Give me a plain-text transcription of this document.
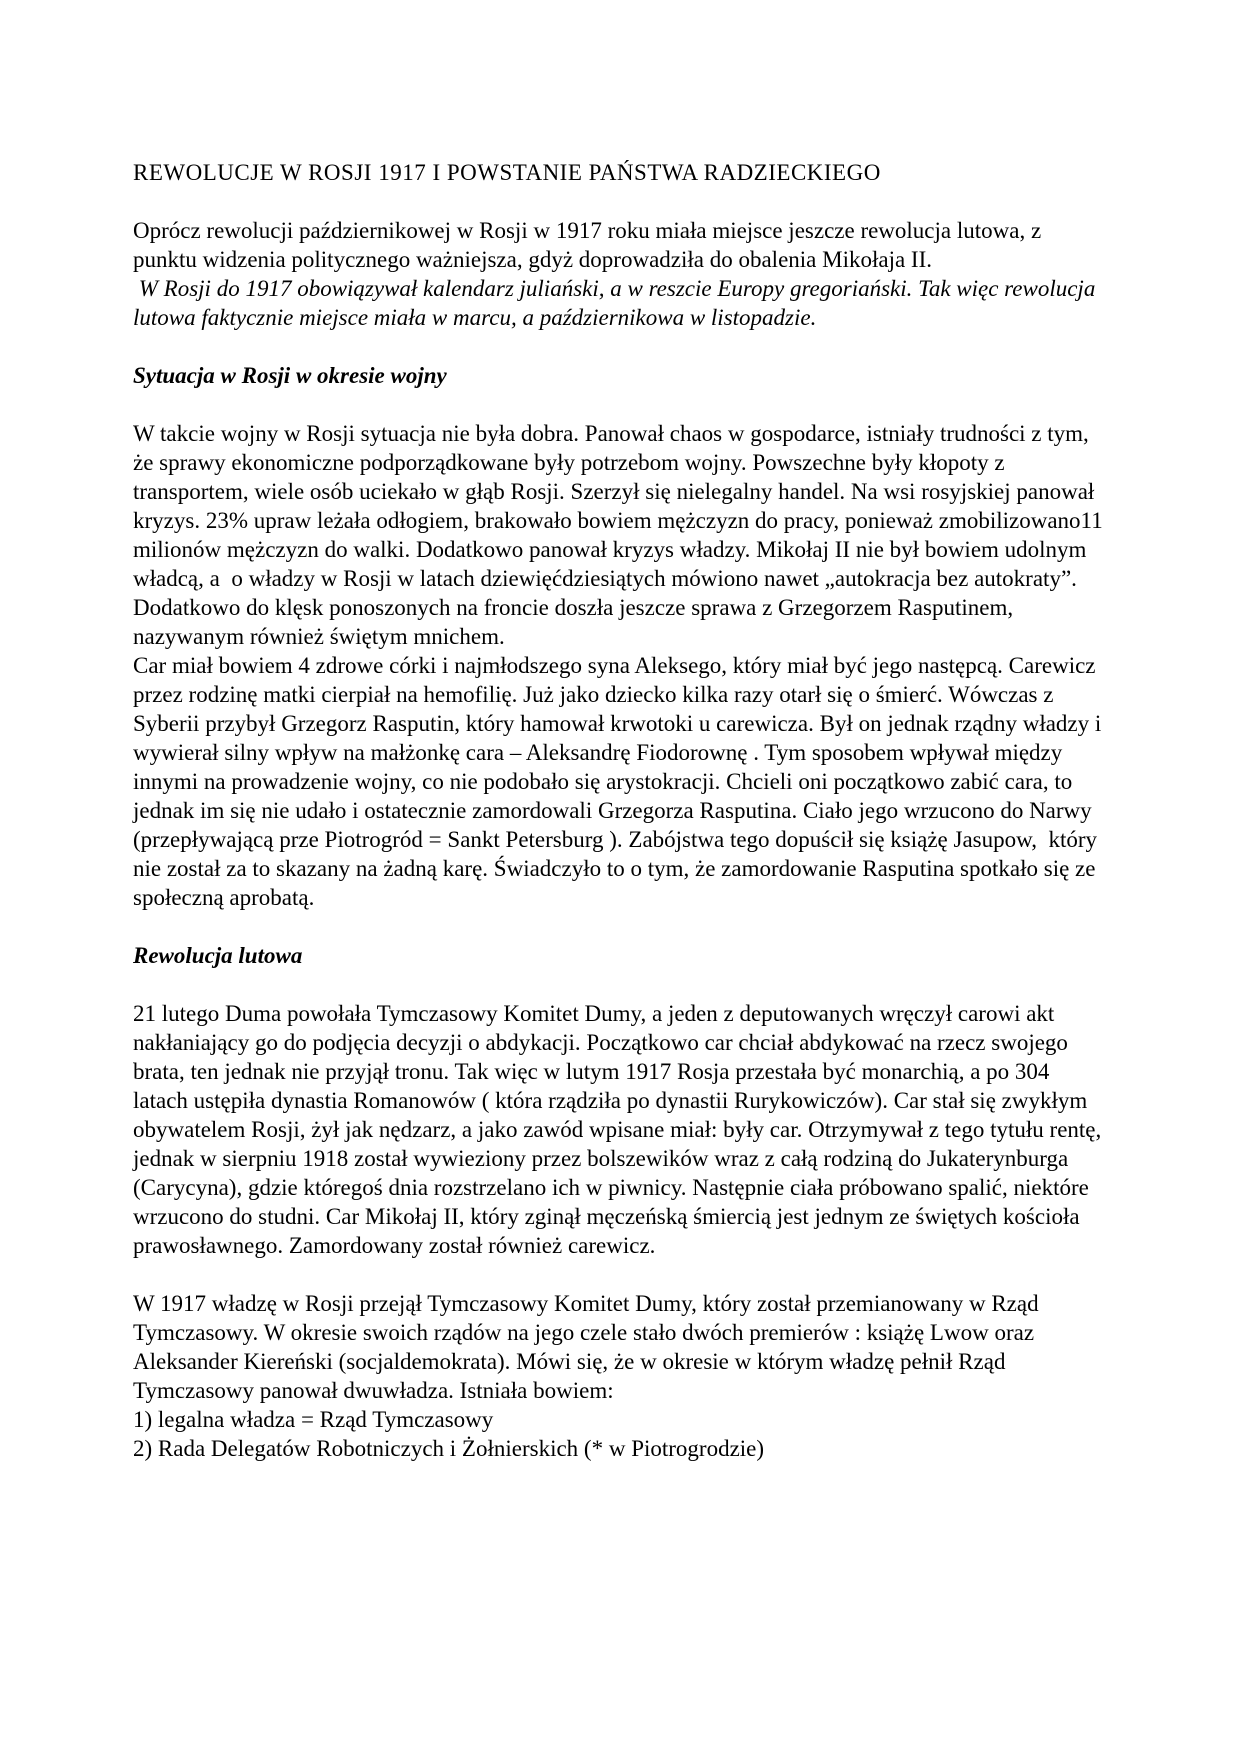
REWOLUCJE W ROSJI 1917 I POWSTANIE PAŃSTWA RADZIECKIEGO

Oprócz rewolucji październikowej w Rosji w 1917 roku miała miejsce jeszcze rewolucja lutowa, z punktu widzenia politycznego ważniejsza, gdyż doprowadziła do obalenia Mikołaja II.

W Rosji do 1917 obowiązywał kalendarz juliański, a w reszcie Europy gregoriański. Tak więc rewolucja lutowa faktycznie miejsce miała w marcu, a październikowa w listopadzie.

Sytuacja w Rosji w okresie wojny

W takcie wojny w Rosji sytuacja nie była dobra. Panował chaos w gospodarce, istniały trudności z tym, że sprawy ekonomiczne podporządkowane były potrzebom wojny. Powszechne były kłopoty z transportem, wiele osób uciekało w głąb Rosji. Szerzył się nielegalny handel. Na wsi rosyjskiej panował kryzys. 23% upraw leżała odłogiem, brakowało bowiem mężczyzn do pracy, ponieważ zmobilizowano11 milionów mężczyzn do walki. Dodatkowo panował kryzys władzy. Mikołaj II nie był bowiem udolnym władcą, a  o władzy w Rosji w latach dziewięćdziesiątych mówiono nawet „autokracja bez autokraty”. Dodatkowo do klęsk ponoszonych na froncie doszła jeszcze sprawa z Grzegorzem Rasputinem, nazywanym również świętym mnichem.

Car miał bowiem 4 zdrowe córki i najmłodszego syna Aleksego, który miał być jego następcą. Carewicz przez rodzinę matki cierpiał na hemofilię. Już jako dziecko kilka razy otarł się o śmierć. Wówczas z Syberii przybył Grzegorz Rasputin, który hamował krwotoki u carewicza. Był on jednak rządny władzy i wywierał silny wpływ na małżonkę cara – Aleksandrę Fiodorownę . Tym sposobem wpływał między innymi na prowadzenie wojny, co nie podobało się arystokracji. Chcieli oni początkowo zabić cara, to jednak im się nie udało i ostatecznie zamordowali Grzegorza Rasputina. Ciało jego wrzucono do Narwy (przepływającą prze Piotrogród = Sankt Petersburg ). Zabójstwa tego dopuścił się książę Jasupow,  który nie został za to skazany na żadną karę. Świadczyło to o tym, że zamordowanie Rasputina spotkało się ze społeczną aprobatą.

Rewolucja lutowa

21 lutego Duma powołała Tymczasowy Komitet Dumy, a jeden z deputowanych wręczył carowi akt nakłaniający go do podjęcia decyzji o abdykacji. Początkowo car chciał abdykować na rzecz swojego brata, ten jednak nie przyjął tronu. Tak więc w lutym 1917 Rosja przestała być monarchią, a po 304 latach ustępiła dynastia Romanowów ( która rządziła po dynastii Rurykowiczów). Car stał się zwykłym obywatelem Rosji, żył jak nędzarz, a jako zawód wpisane miał: były car. Otrzymywał z tego tytułu rentę, jednak w sierpniu 1918 został wywieziony przez bolszewików wraz z całą rodziną do Jukaterynburga (Carycyna), gdzie któregoś dnia rozstrzelano ich w piwnicy. Następnie ciała próbowano spalić, niektóre wrzucono do studni. Car Mikołaj II, który zginął męczeńską śmiercią jest jednym ze świętych kościoła prawosławnego. Zamordowany został również carewicz.

W 1917 władzę w Rosji przejął Tymczasowy Komitet Dumy, który został przemianowany w Rząd Tymczasowy. W okresie swoich rządów na jego czele stało dwóch premierów : książę Lwow oraz Aleksander Kiereński (socjaldemokrata). Mówi się, że w okresie w którym władzę pełnił Rząd Tymczasowy panował dwuwładza. Istniała bowiem:

1) legalna władza = Rząd Tymczasowy

2) Rada Delegatów Robotniczych i Żołnierskich (* w Piotrogrodzie)
